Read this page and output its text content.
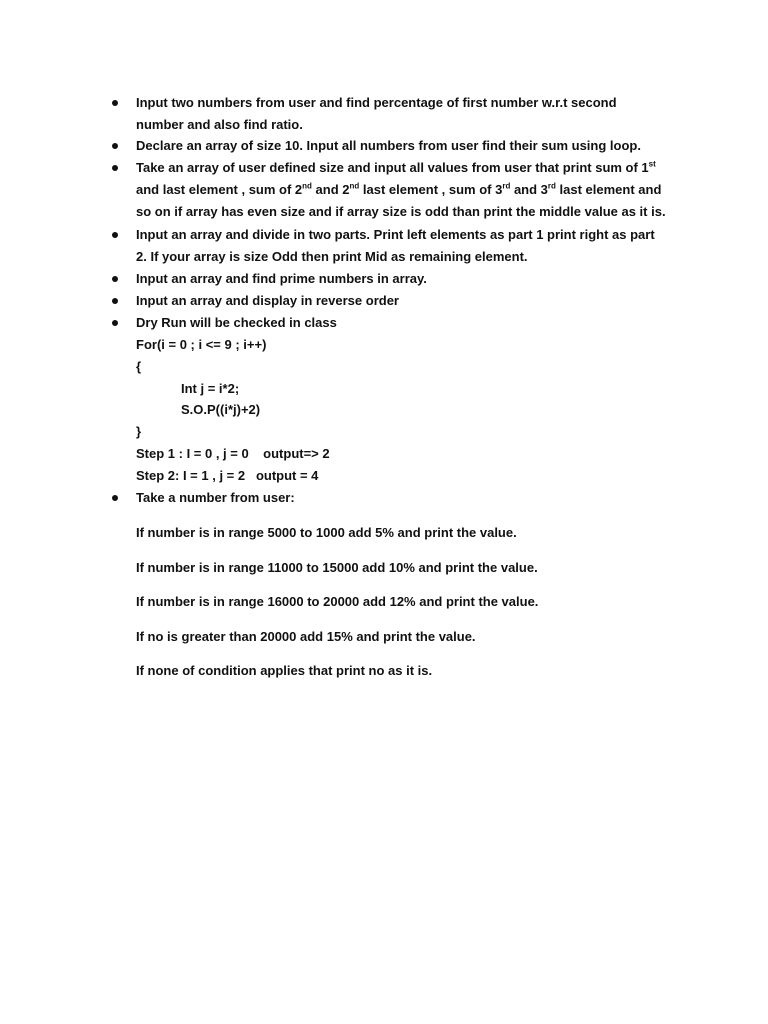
Input two numbers from user and find percentage of first number w.r.t second
number and also find ratio.
Declare an array of size 10. Input all numbers from user find their sum using loop.
Take an array of user defined size and input all values from user that print sum of 1st
and last element , sum of 2nd and 2nd last element , sum of 3rd and 3rd last element and
so on if array has even size and if array size is odd than print the middle value as it is.
Input an array and divide in two parts. Print left elements as part 1 print right as part
2. If your array is size Odd then print Mid as remaining element.
Input an array and find prime numbers in array.
Input an array and display in reverse order
Dry Run will be checked in class
For(i = 0 ; i <= 9 ; i++)
{
Int j = i*2;
S.O.P((i*j)+2)
}
Step 1 : I = 0 , j = 0    output=> 2
Step 2: I = 1 , j = 2   output = 4
Take a number from user:
If number is in range 5000 to 1000 add 5% and print the value.
If number is in range 11000 to 15000 add 10% and print the value.
If number is in range 16000 to 20000 add 12% and print the value.
If no is greater than 20000 add 15% and print the value.
If none of condition applies that print no as it is.
